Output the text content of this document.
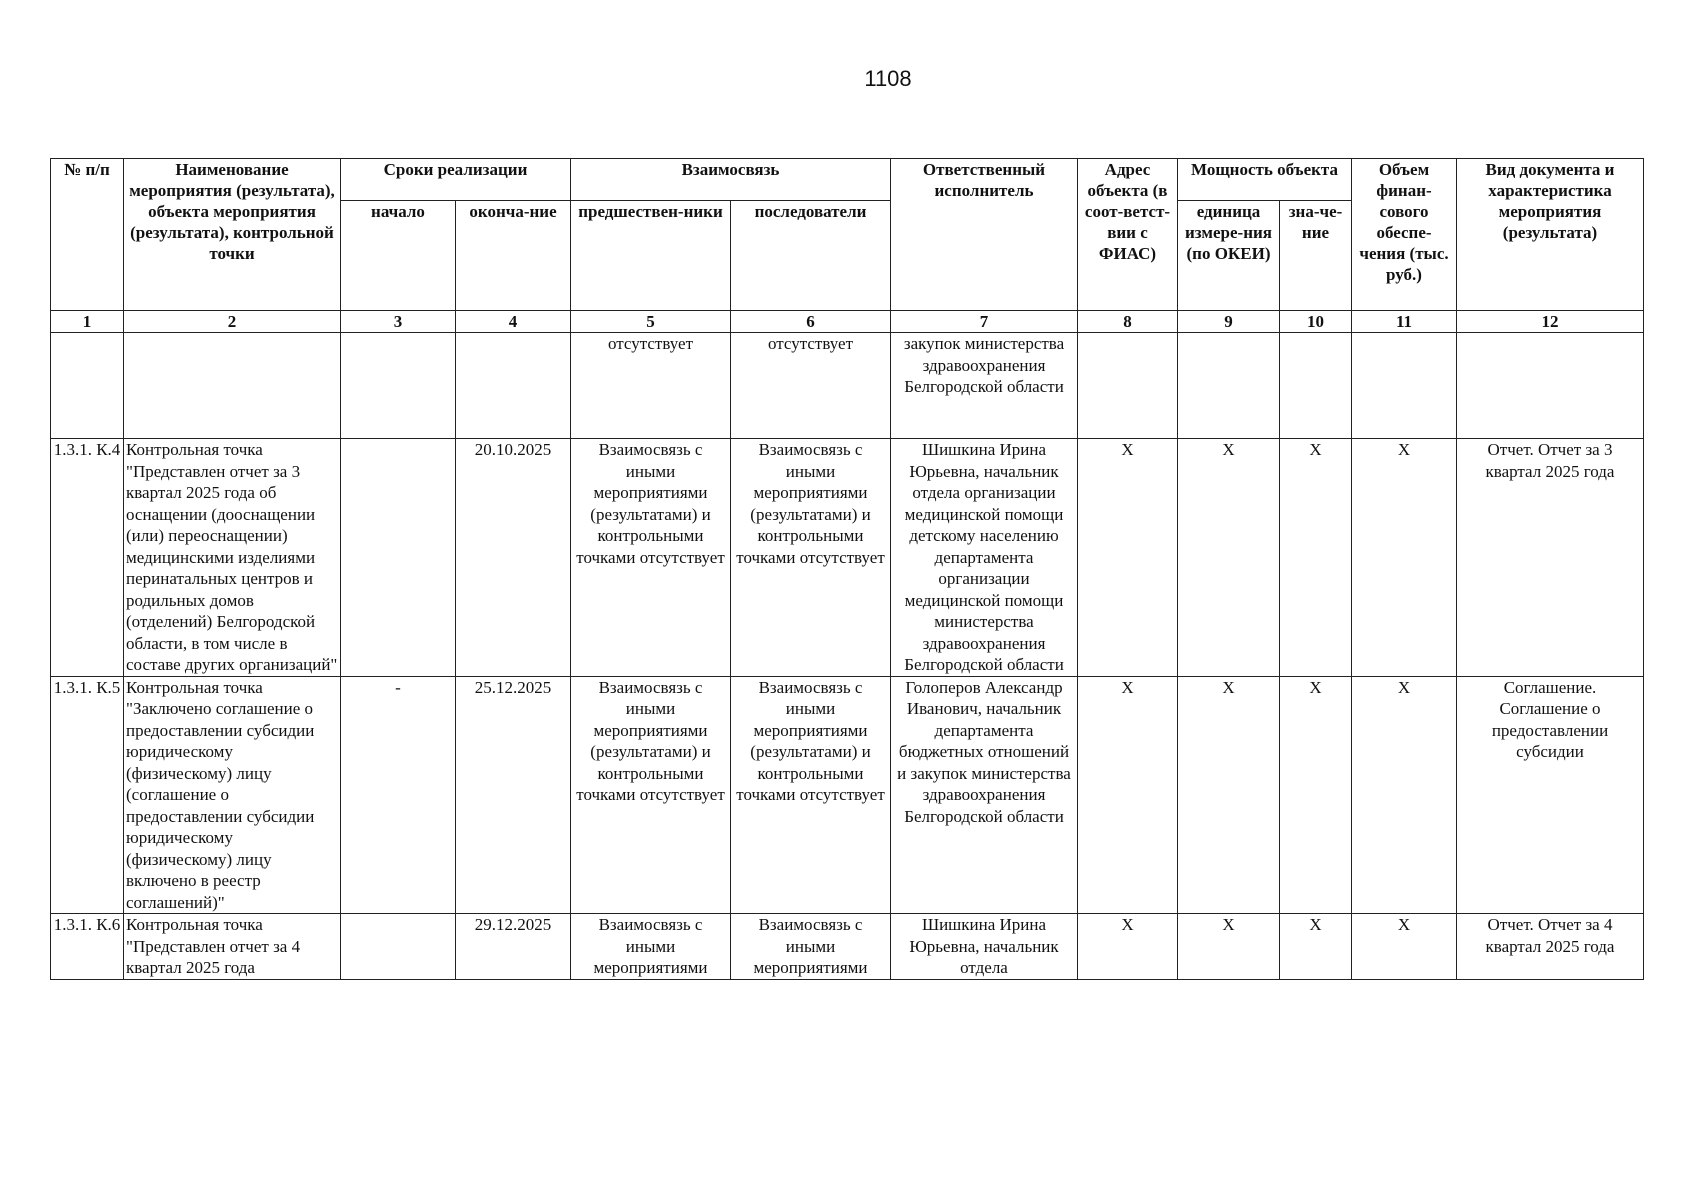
1108
№ п/п	Наименование мероприятия (результата), объекта мероприятия (результата), контрольной точки	Сроки реализации		Взаимосвязь		Ответственный исполнитель	Адрес объекта (в соот-ветст-вии с ФИАС)	Мощность объекта		Объем финан-сового обеспе-чения (тыс. руб.)	Вид документа и характеристика мероприятия (результата)
		начало	оконча-ние	предшествен-ники	последователи			единица измере-ния (по ОКЕИ)	зна-че-ние		
1	2	3	4	5	6	7	8	9	10	11	12
				отсутствует	отсутствует	закупок министерства здравоохранения Белгородской области					
1.3.1. К.4	Контрольная точка "Представлен отчет за 3 квартал 2025 года об оснащении (дооснащении (или) переоснащении) медицинскими изделиями перинатальных центров и родильных домов (отделений) Белгородской области, в том числе в составе других организаций"		20.10.2025	Взаимосвязь с иными мероприятиями (результатами) и контрольными точками отсутствует	Взаимосвязь с иными мероприятиями (результатами) и контрольными точками отсутствует	Шишкина Ирина Юрьевна, начальник отдела организации медицинской помощи детскому населению департамента организации медицинской помощи министерства здравоохранения Белгородской области	Х	Х	Х	Х	Отчет. Отчет за 3 квартал 2025 года
1.3.1. К.5	Контрольная точка "Заключено соглашение о предоставлении субсидии юридическому (физическому) лицу (соглашение о предоставлении субсидии юридическому (физическому) лицу включено в реестр соглашений)"	-	25.12.2025	Взаимосвязь с иными мероприятиями (результатами) и контрольными точками отсутствует	Взаимосвязь с иными мероприятиями (результатами) и контрольными точками отсутствует	Голоперов Александр Иванович, начальник департамента бюджетных отношений и закупок министерства здравоохранения Белгородской области	Х	Х	Х	Х	Соглашение. Соглашение о предоставлении субсидии
1.3.1. К.6	Контрольная точка "Представлен отчет за 4 квартал 2025 года		29.12.2025	Взаимосвязь с иными мероприятиями	Взаимосвязь с иными мероприятиями	Шишкина Ирина Юрьевна, начальник отдела	Х	Х	Х	Х	Отчет. Отчет за 4 квартал 2025 года
